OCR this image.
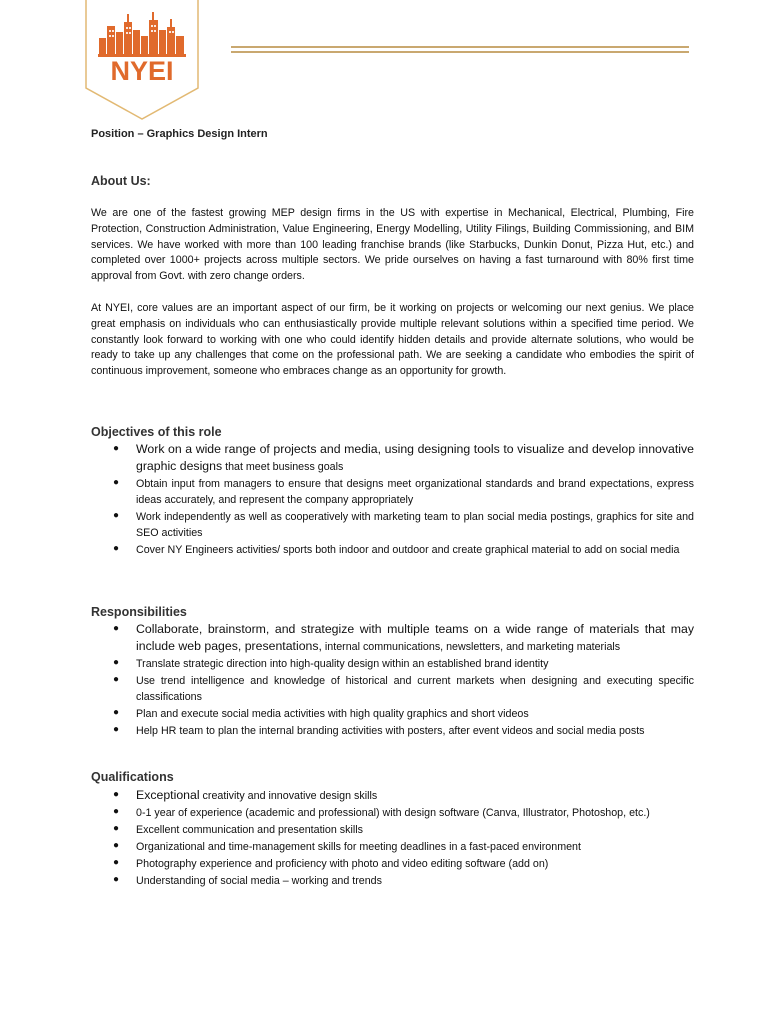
NYEI
Position – Graphics Design Intern
About Us:

We are one of the fastest growing MEP design firms in the US with expertise in Mechanical, Electrical, Plumbing, Fire Protection, Construction Administration, Value Engineering, Energy Modelling, Utility Filings, Building Commissioning, and BIM services. We have worked with more than 100 leading franchise brands (like Starbucks, Dunkin Donut, Pizza Hut, etc.) and completed over 1000+ projects across multiple sectors. We pride ourselves on having a fast turnaround with 80% first time approval from Govt. with zero change orders.

At NYEI, core values are an important aspect of our firm, be it working on projects or welcoming our next genius. We place great emphasis on individuals who can enthusiastically provide multiple relevant solutions within a specified time period. We constantly look forward to working with one who could identify hidden details and provide alternate solutions, who would be ready to take up any challenges that come on the professional path. We are seeking a candidate who embodies the spirit of continuous improvement, someone who embraces change as an opportunity for growth.

Objectives of this role
● Work on a wide range of projects and media, using designing tools to visualize and develop innovative graphic designs that meet business goals
● Obtain input from managers to ensure that designs meet organizational standards and brand expectations, express ideas accurately, and represent the company appropriately
● Work independently as well as cooperatively with marketing team to plan social media postings, graphics for site and SEO activities
● Cover NY Engineers activities/ sports both indoor and outdoor and create graphical material to add on social media
Responsibilities
● Collaborate, brainstorm, and strategize with multiple teams on a wide range of materials that may include web pages, presentations, internal communications, newsletters, and marketing materials
● Translate strategic direction into high-quality design within an established brand identity
● Use trend intelligence and knowledge of historical and current markets when designing and executing specific classifications
● Plan and execute social media activities with high quality graphics and short videos
● Help HR team to plan the internal branding activities with posters, after event videos and social media posts
Qualifications
● Exceptional creativity and innovative design skills
● 0-1 year of experience (academic and professional) with design software (Canva, Illustrator, Photoshop, etc.)
● Excellent communication and presentation skills
● Organizational and time-management skills for meeting deadlines in a fast-paced environment
● Photography experience and proficiency with photo and video editing software (add on)
● Understanding of social media – working and trends
